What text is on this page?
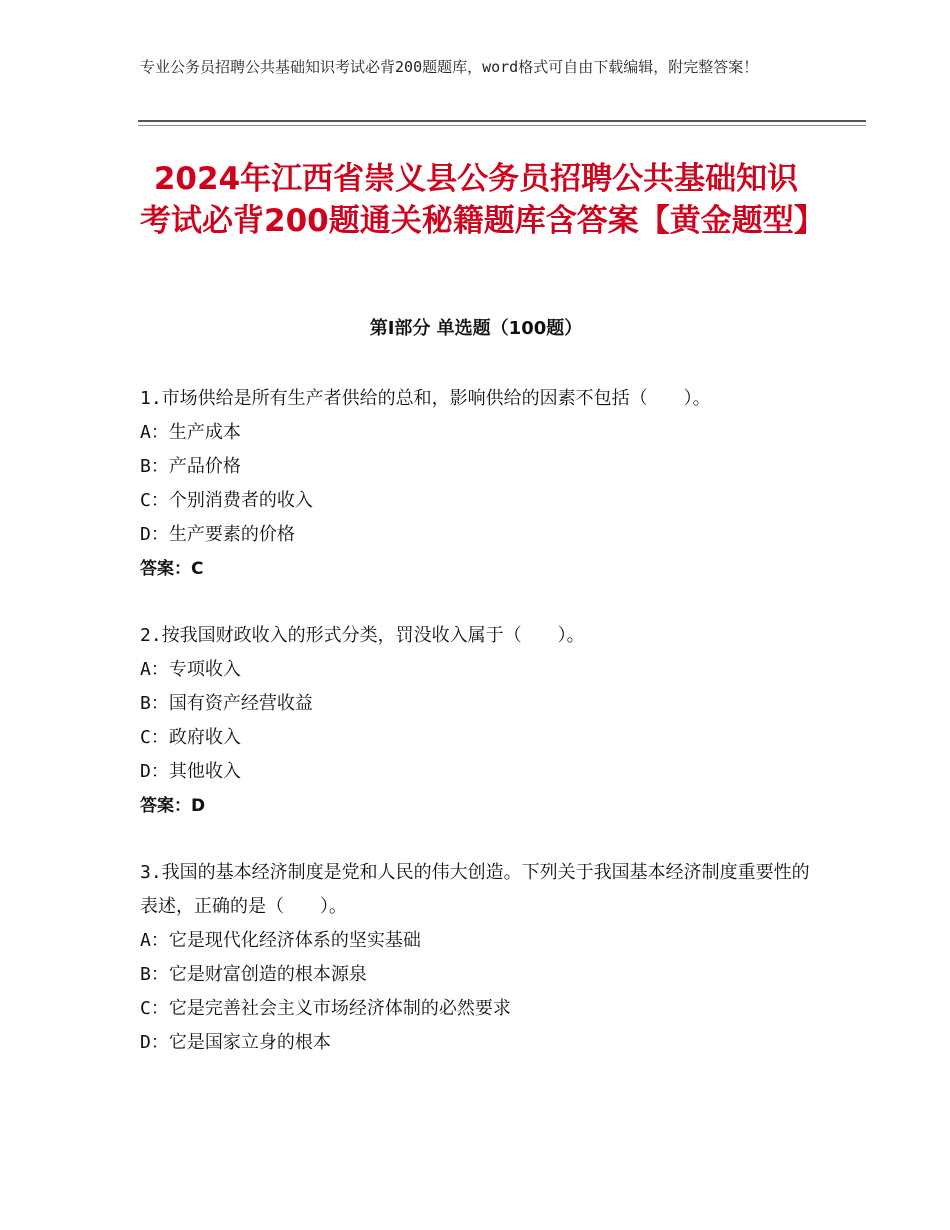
专业公务员招聘公共基础知识考试必背200题题库，word格式可自由下载编辑，附完整答案！
2024年江西省崇义县公务员招聘公共基础知识考试必背200题通关秘籍题库含答案【黄金题型】
第I部分 单选题（100题）
1.市场供给是所有生产者供给的总和，影响供给的因素不包括（　　）。
A：生产成本
B：产品价格
C：个别消费者的收入
D：生产要素的价格
答案：C
2.按我国财政收入的形式分类，罚没收入属于（　　）。
A：专项收入
B：国有资产经营收益
C：政府收入
D：其他收入
答案：D
3.我国的基本经济制度是党和人民的伟大创造。下列关于我国基本经济制度重要性的表述，正确的是（　　）。
A：它是现代化经济体系的坚实基础
B：它是财富创造的根本源泉
C：它是完善社会主义市场经济体制的必然要求
D：它是国家立身的根本
